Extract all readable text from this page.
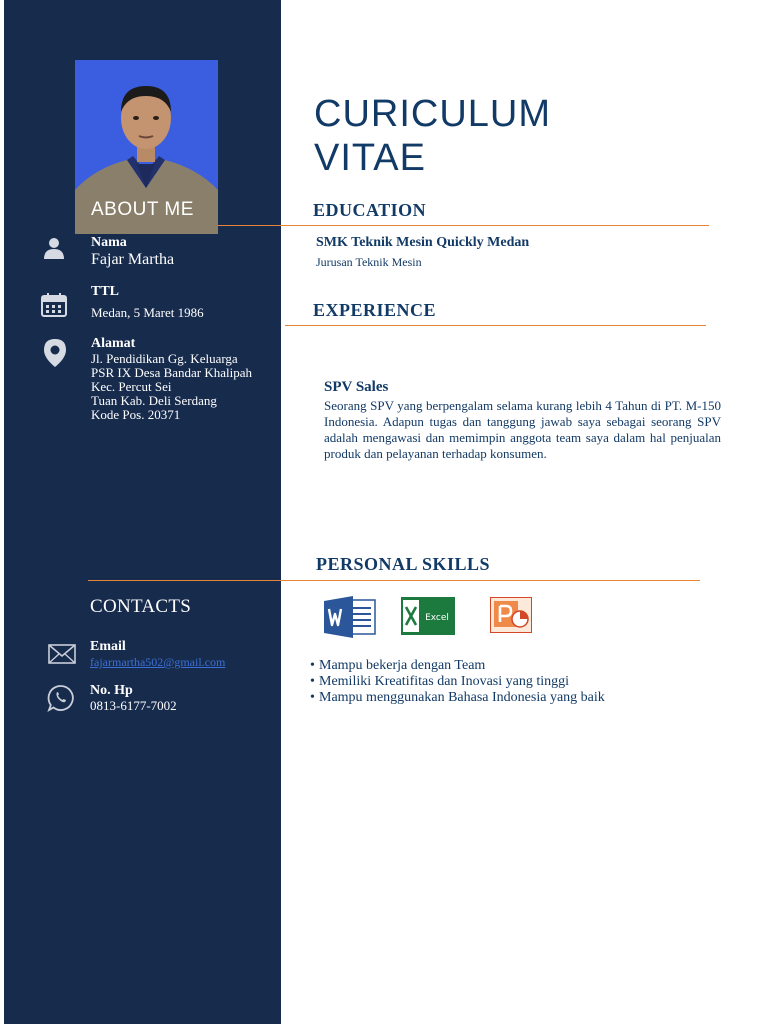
ABOUT ME
Nama
Fajar Martha
TTL
Medan, 5 Maret 1986
Alamat
Jl. Pendidikan Gg. Keluarga
PSR IX Desa Bandar Khalipah
Kec. Percut Sei
Tuan Kab. Deli Serdang
Kode Pos. 20371
CONTACTS
Email
fajarmartha502@gmail.com
No. Hp
0813-6177-7002
CURICULUM
VITAE
EDUCATION
SMK Teknik Mesin Quickly Medan
Jurusan Teknik Mesin
EXPERIENCE
SPV Sales
Seorang SPV yang berpengalam selama kurang lebih 4 Tahun di PT. M-150 Indonesia. Adapun tugas dan tanggung jawab saya sebagai seorang SPV adalah mengawasi dan memimpin anggota team saya dalam hal penjualan produk dan pelayanan terhadap konsumen.
PERSONAL SKILLS
Excel
• Mampu bekerja dengan Team
• Memiliki Kreatifitas dan Inovasi yang tinggi
• Mampu menggunakan Bahasa Indonesia yang baik
